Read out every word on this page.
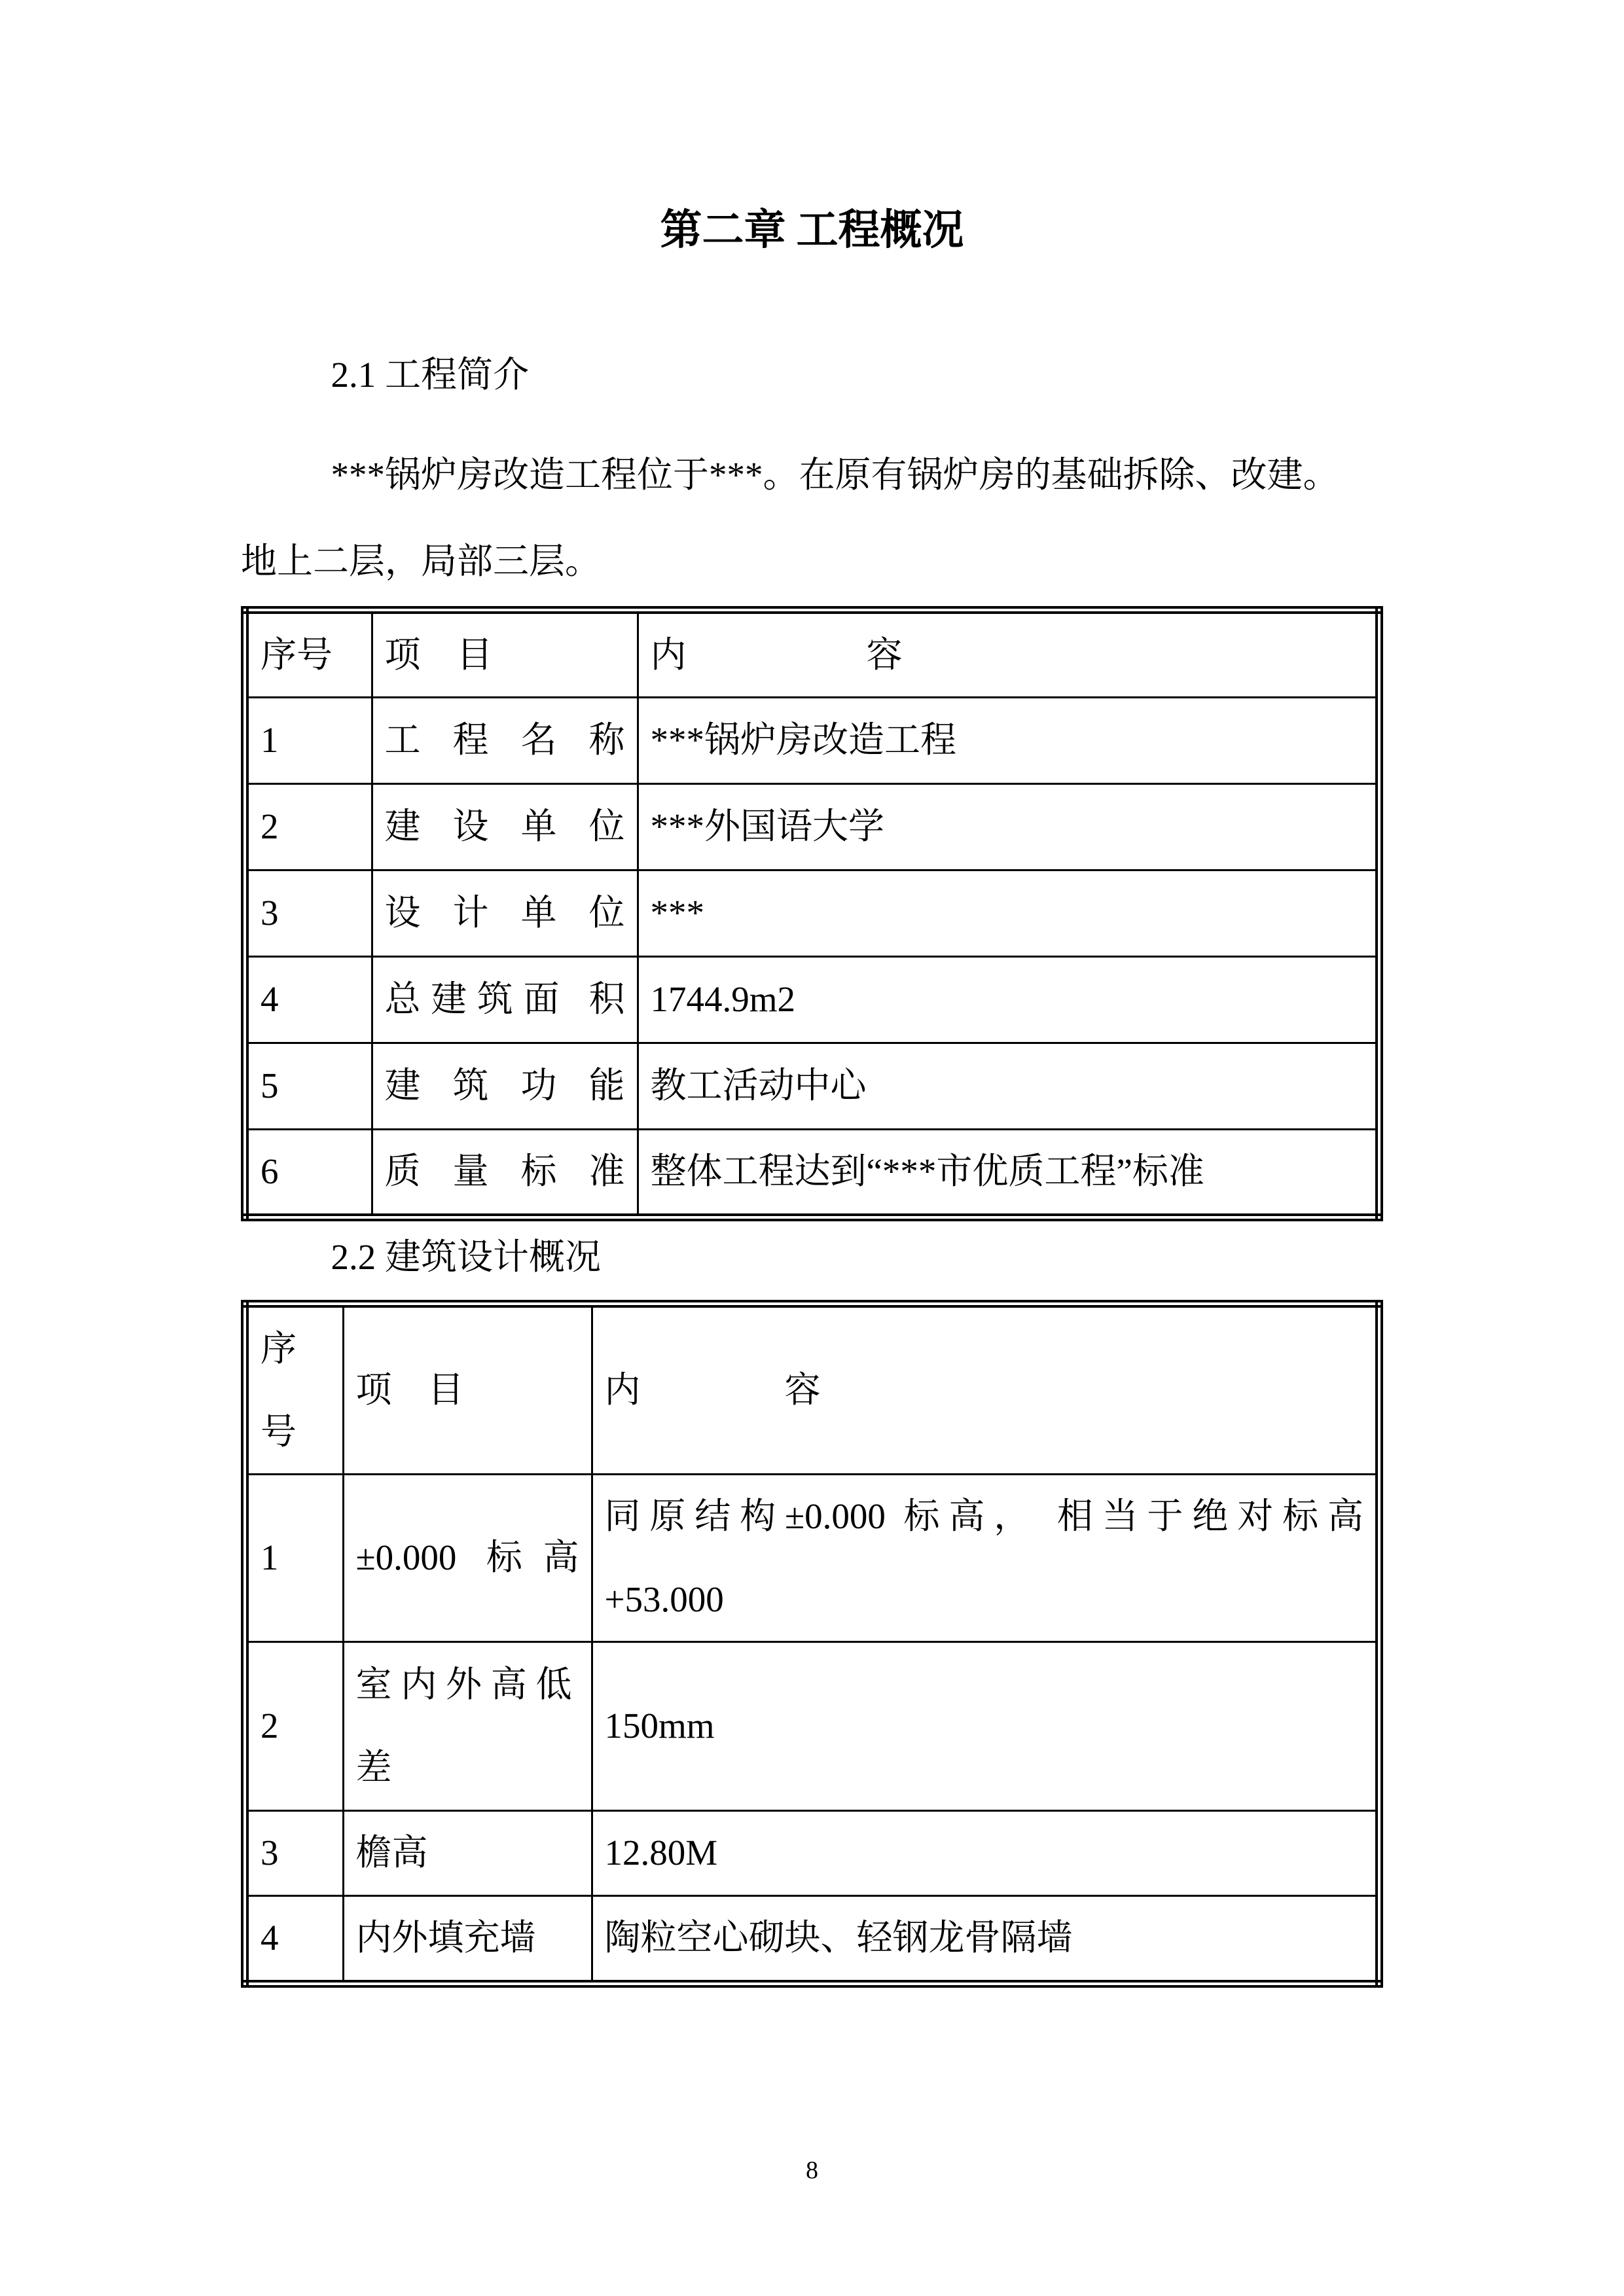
第二章 工程概况
2.1 工程简介

***锅炉房改造工程位于***。在原有锅炉房的基础拆除、改建。

地上二层，局部三层。

序号	项　目	内　　　　　容
1	工 程 名 称	***锅炉房改造工程
2	建 设 单 位	***外国语大学
3	设 计 单 位	***
4	总建筑面 积	1744.9m2
5	建 筑 功 能	教工活动中心
6	质 量 标 准	整体工程达到“***市优质工程”标准
2.2 建筑设计概况
序号	项　目	内　　　　容
1	±0.000 标高	同原结构±0.000 标高， 相当于绝对标高
+53.000

2	室 内 外 高 低 差	150mm
3	檐高	12.80M
4	内外填充墙	陶粒空心砌块、轻钢龙骨隔墙
8
